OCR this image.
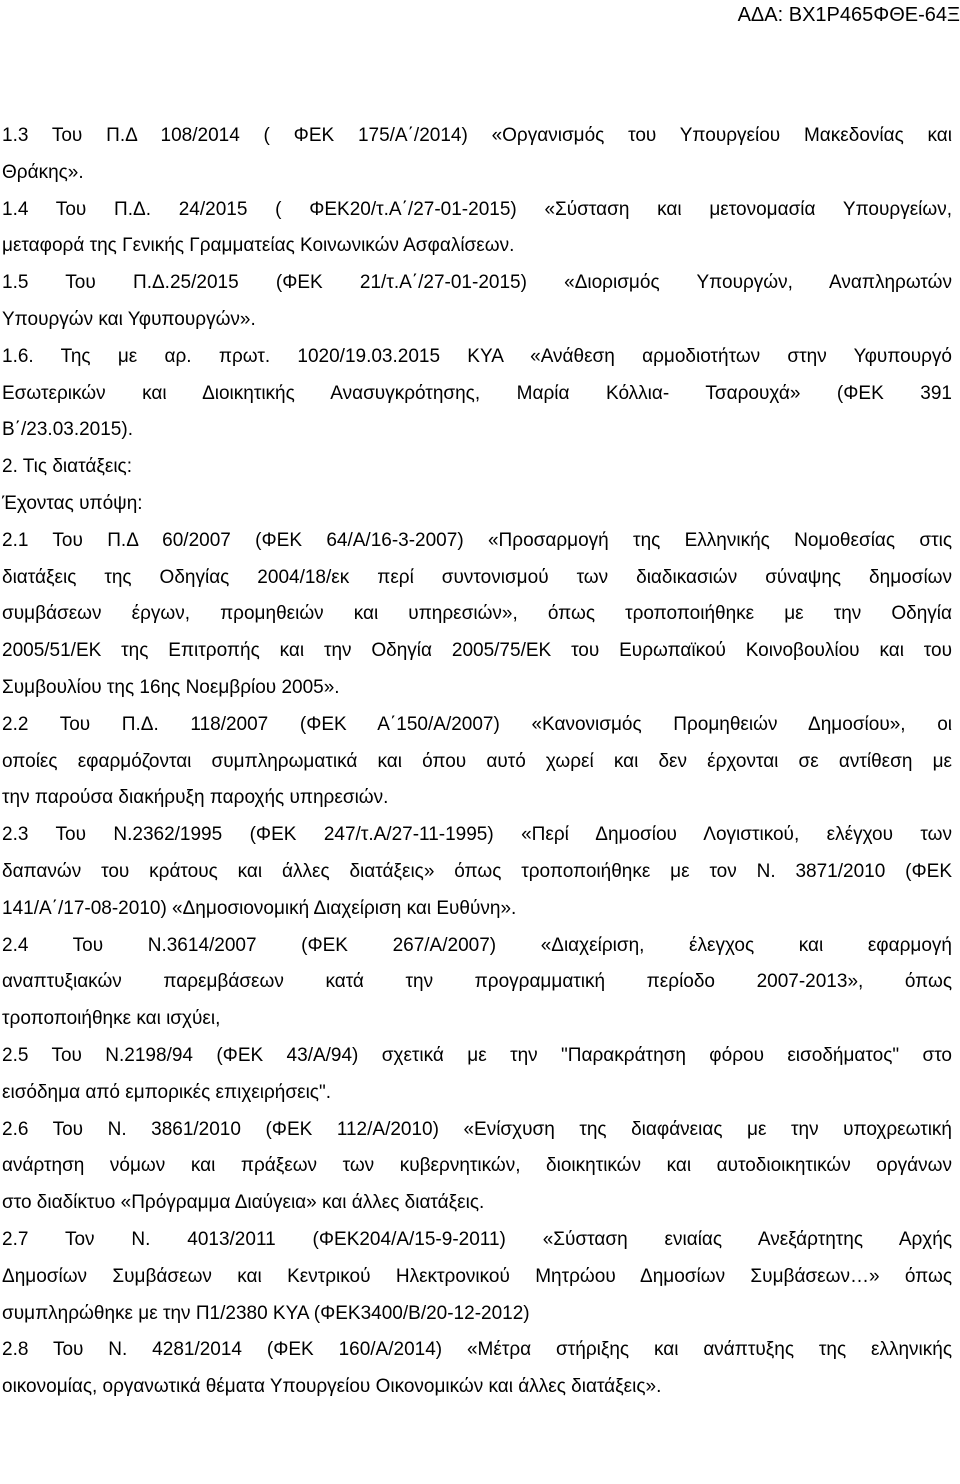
ΑΔΑ: ΒΧ1Ρ465ΦΘΕ-64Ξ
1.3 Του Π.Δ 108/2014 ( ΦΕΚ 175/Α΄/2014) «Οργανισμός του Υπουργείου Μακεδονίας και
Θράκης».
1.4 Του Π.Δ. 24/2015 ( ΦΕΚ20/τ.Α΄/27-01-2015) «Σύσταση και μετονομασία Υπουργείων,
μεταφορά της Γενικής Γραμματείας Κοινωνικών Ασφαλίσεων.
1.5 Του Π.Δ.25/2015 (ΦΕΚ 21/τ.Α΄/27-01-2015) «Διορισμός Υπουργών, Αναπληρωτών
Υπουργών και Υφυπουργών».
1.6. Της με αρ. πρωτ. 1020/19.03.2015 ΚΥΑ «Ανάθεση αρμοδιοτήτων στην Υφυπουργό
Εσωτερικών και Διοικητικής Ανασυγκρότησης, Μαρία Κόλλια- Τσαρουχά» (ΦΕΚ 391
Β΄/23.03.2015).
2. Τις διατάξεις:
Έχοντας υπόψη:
2.1 Του Π.Δ 60/2007 (ΦΕΚ 64/Α/16-3-2007) «Προσαρμογή της Ελληνικής Νομοθεσίας στις
διατάξεις της Οδηγίας 2004/18/εκ περί συντονισμού των διαδικασιών σύναψης δημοσίων
συμβάσεων έργων, προμηθειών και υπηρεσιών», όπως τροποποιήθηκε με την Οδηγία
2005/51/ΕΚ της Επιτροπής και την Οδηγία 2005/75/ΕΚ του Ευρωπαϊκού Κοινοβουλίου και του
Συμβουλίου της 16ης Νοεμβρίου 2005».
2.2 Του Π.Δ. 118/2007 (ΦΕΚ Α΄150/Α/2007) «Κανονισμός Προμηθειών Δημοσίου», οι
οποίες εφαρμόζονται συμπληρωματικά και όπου αυτό χωρεί και δεν έρχονται σε αντίθεση με
την παρούσα διακήρυξη παροχής υπηρεσιών.
2.3 Του Ν.2362/1995 (ΦΕΚ 247/τ.Α/27-11-1995) «Περί Δημοσίου Λογιστικού, ελέγχου των
δαπανών του κράτους και άλλες διατάξεις» όπως τροποποιήθηκε με τον Ν. 3871/2010 (ΦΕΚ
141/Α΄/17-08-2010) «Δημοσιονομική Διαχείριση και Ευθύνη».
2.4 Του Ν.3614/2007 (ΦΕΚ 267/Α/2007) «Διαχείριση, έλεγχος και εφαρμογή
αναπτυξιακών παρεμβάσεων κατά την προγραμματική περίοδο 2007-2013», όπως
τροποποιήθηκε και ισχύει,
2.5 Του Ν.2198/94 (ΦΕΚ 43/Α/94) σχετικά με την "Παρακράτηση φόρου εισοδήματος" στο
εισόδημα από εμπορικές επιχειρήσεις".
2.6 Του Ν. 3861/2010 (ΦΕΚ 112/Α/2010) «Ενίσχυση της διαφάνειας με την υποχρεωτική
ανάρτηση νόμων και πράξεων των κυβερνητικών, διοικητικών και αυτοδιοικητικών οργάνων
στο διαδίκτυο «Πρόγραμμα Διαύγεια» και άλλες διατάξεις.
2.7 Τον Ν. 4013/2011 (ΦΕΚ204/Α/15-9-2011) «Σύσταση ενιαίας Ανεξάρτητης Αρχής
Δημοσίων Συμβάσεων και Κεντρικού Ηλεκτρονικού Μητρώου Δημοσίων Συμβάσεων…» όπως
συμπληρώθηκε με την Π1/2380 ΚΥΑ (ΦΕΚ3400/Β/20-12-2012)
2.8 Του Ν. 4281/2014 (ΦΕΚ 160/Α/2014) «Μέτρα στήριξης και ανάπτυξης της ελληνικής
οικονομίας, οργανωτικά θέματα Υπουργείου Οικονομικών και άλλες διατάξεις».
